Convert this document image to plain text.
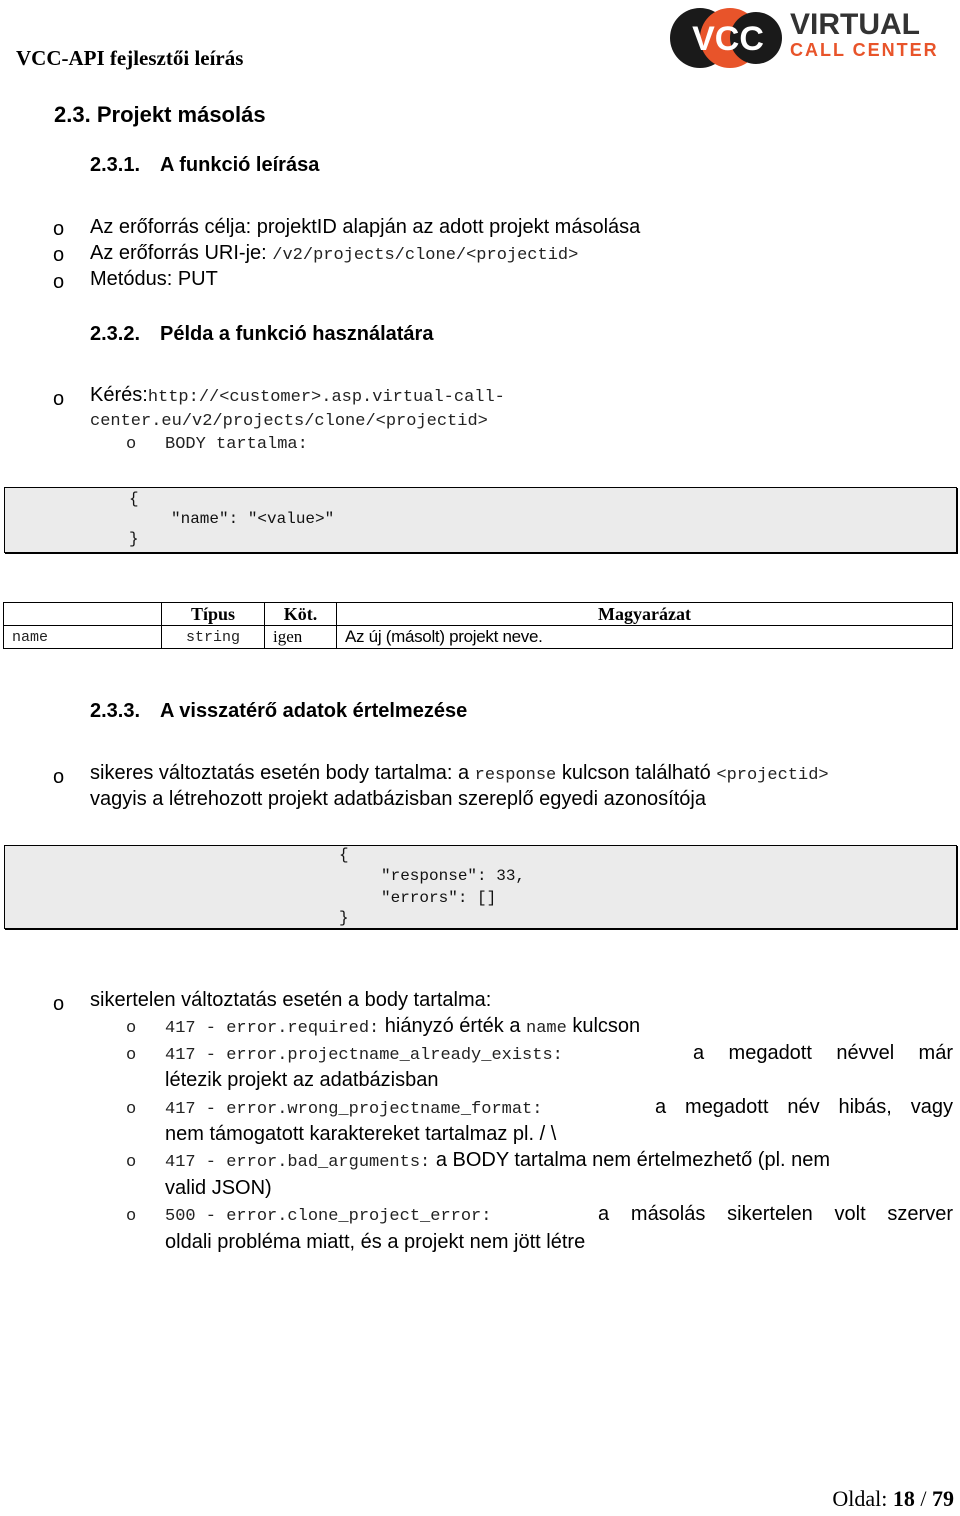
VCC-API fejlesztői leírás	VCC VIRTUAL
CALL CENTER
2.3. Projekt másolás
2.3.1. A funkció leírása
o Az erőforrás célja: projektID alapján az adott projekt másolása
o Az erőforrás URI-je: /v2/projects/clone/<projectid>
o Metódus: PUT
2.3.2. Példa a funkció használatára
o Kérés:http://<customer>.asp.virtual-call-
center.eu/v2/projects/clone/<projectid>
o BODY tartalma:
{
"name": "<value>"
}
	Típus	Köt.	Magyarázat
name	string	igen	Az új (másolt) projekt neve.
2.3.3. A visszatérő adatok értelmezése
o sikeres változtatás esetén body tartalma: a response kulcson található <projectid>
vagyis a létrehozott projekt adatbázisban szereplő egyedi azonosítója
{
"response": 33,
"errors": []
}
o sikertelen változtatás esetén a body tartalma:
o 417 - error.required: hiányzó érték a name kulcson
o 417 - error.projectname_already_exists:	a megadott névvel már
létezik projekt az adatbázisban
o 417 - error.wrong_projectname_format:	a megadott név hibás, vagy
nem támogatott karaktereket tartalmaz pl. / \
o 417 - error.bad_arguments: a BODY tartalma nem értelmezhető (pl. nem
valid JSON)
o 500 - error.clone_project_error:	a másolás sikertelen volt szerver
oldali probléma miatt, és a projekt nem jött létre
Oldal: 18 / 79
